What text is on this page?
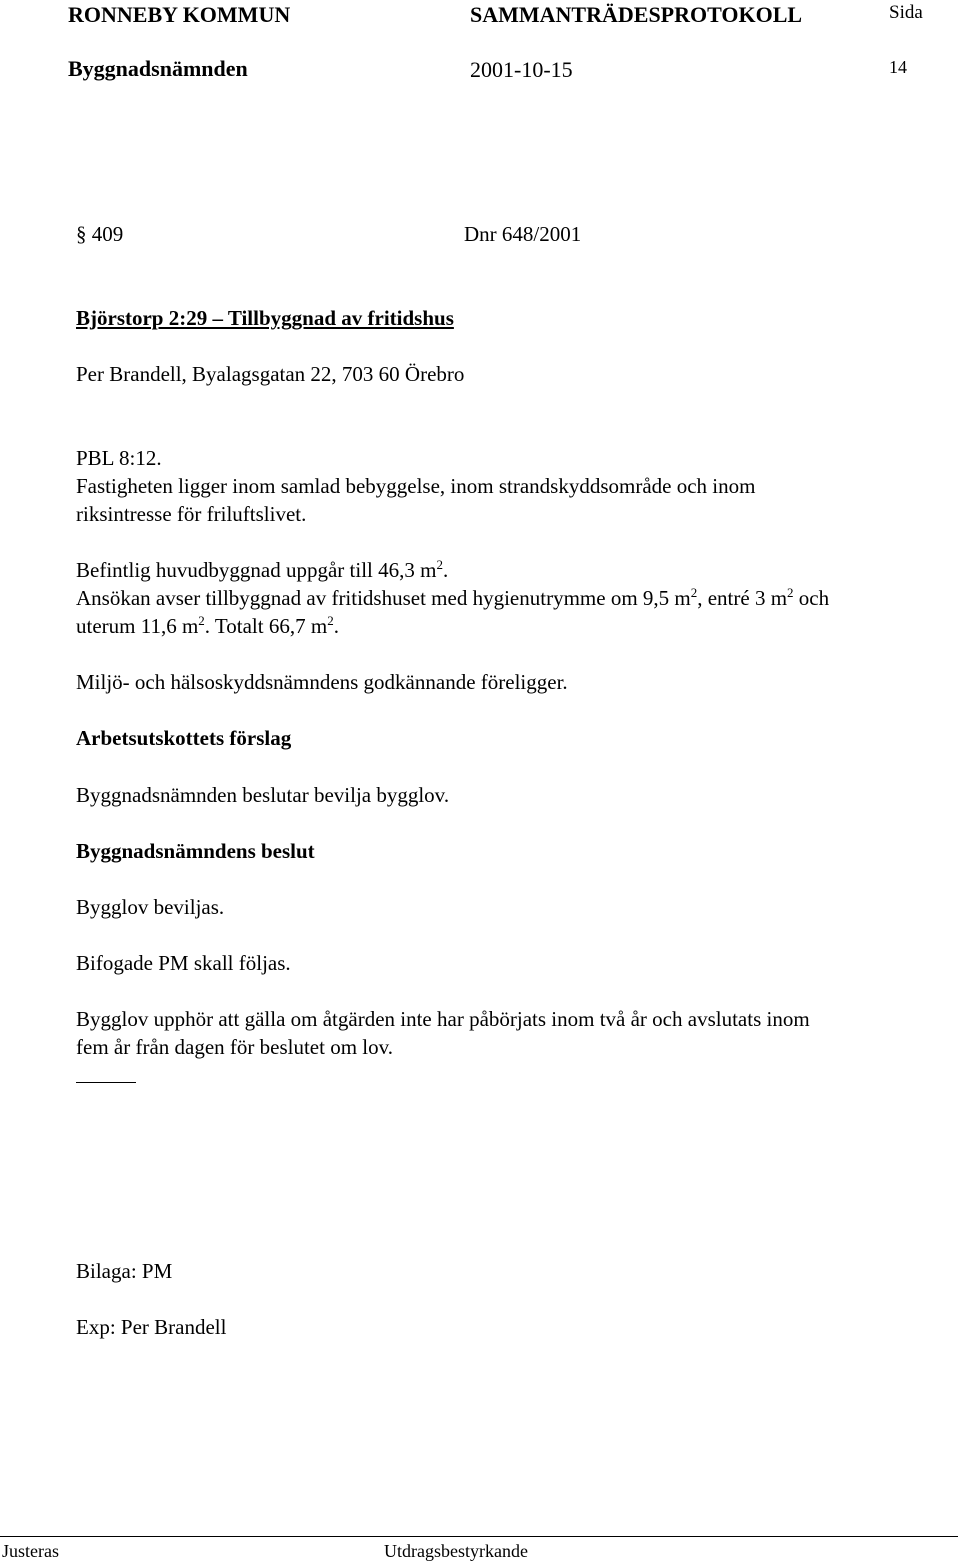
RONNEBY KOMMUN	SAMMANTRÄDESPROTOKOLL	Sida
Byggnadsnämnden	2001-10-15	14
§ 409	Dnr 648/2001
Björstorp 2:29 – Tillbyggnad av fritidshus
Per Brandell, Byalagsgatan 22, 703 60 Örebro
PBL 8:12.
Fastigheten ligger inom samlad bebyggelse, inom strandskyddsområde och inom
riksintresse för friluftslivet.
Befintlig huvudbyggnad uppgår till 46,3 $m^2$.
Ansökan avser tillbyggnad av fritidshuset med hygienutrymme om 9,5 $m^2$, entré 3 $m^2$ och
uterum 11,6 $m^2$. Totalt 66,7 $m^2$.
Miljö- och hälsoskyddsnämndens godkännande föreligger.
Arbetsutskottets förslag
Byggnadsnämnden beslutar bevilja bygglov.
Byggnadsnämndens beslut
Bygglov beviljas.
Bifogade PM skall följas.
Bygglov upphör att gälla om åtgärden inte har påbörjats inom två år och avslutats inom
fem år från dagen för beslutet om lov.
Bilaga: PM
Exp: Per Brandell
Justeras	Utdragsbestyrkande
